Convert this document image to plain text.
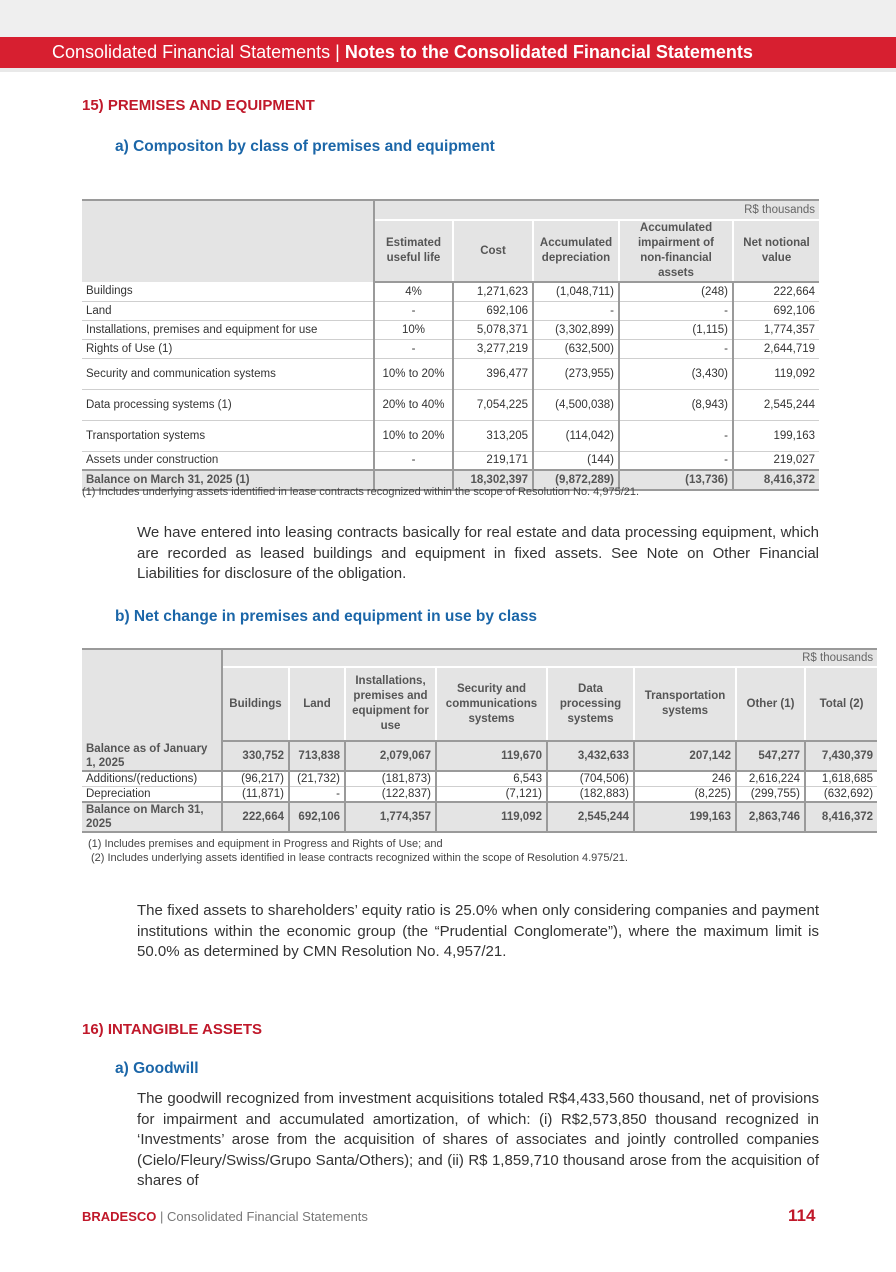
Consolidated Financial Statements | Notes to the Consolidated Financial Statements
15) PREMISES AND EQUIPMENT
a) Compositon by class of premises and equipment
	R$ thousands				
	Estimated useful life	Cost	Accumulated depreciation	Accumulated impairment of non-financial assets	Net notional value
Buildings	4%	1,271,623	(1,048,711)	(248)	222,664
Land	-	692,106	-	-	692,106
Installations, premises and equipment for use	10%	5,078,371	(3,302,899)	(1,115)	1,774,357
Rights of Use (1)	-	3,277,219	(632,500)	-	2,644,719
Security and communication systems	10% to 20%	396,477	(273,955)	(3,430)	119,092
Data processing systems (1)	20% to 40%	7,054,225	(4,500,038)	(8,943)	2,545,244
Transportation systems	10% to 20%	313,205	(114,042)	-	199,163
Assets under construction	-	219,171	(144)	-	219,027
Balance on March 31, 2025 (1)		18,302,397	(9,872,289)	(13,736)	8,416,372
(1) Includes underlying assets identified in lease contracts recognized within the scope of Resolution No. 4,975/21.

We have entered into leasing contracts basically for real estate and data processing equipment, which are recorded as leased buildings and equipment in fixed assets. See Note on Other Financial Liabilities for disclosure of the obligation.

b) Net change in premises and equipment in use by class
	R$ thousands							
	Buildings	Land	Installations, premises and equipment for use	Security and communications systems	Data processing systems	Transportation systems	Other (1)	Total (2)
Balance as of January 1, 2025	330,752	713,838	2,079,067	119,670	3,432,633	207,142	547,277	7,430,379
Additions/(reductions)	(96,217)	(21,732)	(181,873)	6,543	(704,506)	246	2,616,224	1,618,685
Depreciation	(11,871)	-	(122,837)	(7,121)	(182,883)	(8,225)	(299,755)	(632,692)
Balance on March 31, 2025	222,664	692,106	1,774,357	119,092	2,545,244	199,163	2,863,746	8,416,372
(1) Includes premises and equipment in Progress and Rights of Use; and
(2) Includes underlying assets identified in lease contracts recognized within the scope of Resolution 4.975/21.

The fixed assets to shareholders’ equity ratio is 25.0% when only considering companies and payment institutions within the economic group (the “Prudential Conglomerate”), where the maximum limit is 50.0% as determined by CMN Resolution No. 4,957/21.

16) INTANGIBLE ASSETS
a) Goodwill

The goodwill recognized from investment acquisitions totaled R$4,433,560 thousand, net of provisions for impairment and accumulated amortization, of which: (i) R$2,573,850 thousand recognized in ‘Investments’ arose from the acquisition of shares of associates and jointly controlled companies (Cielo/Fleury/Swiss/Grupo Santa/Others); and (ii) R$ 1,859,710 thousand arose from the acquisition of shares of

BRADESCO | Consolidated Financial Statements	114
